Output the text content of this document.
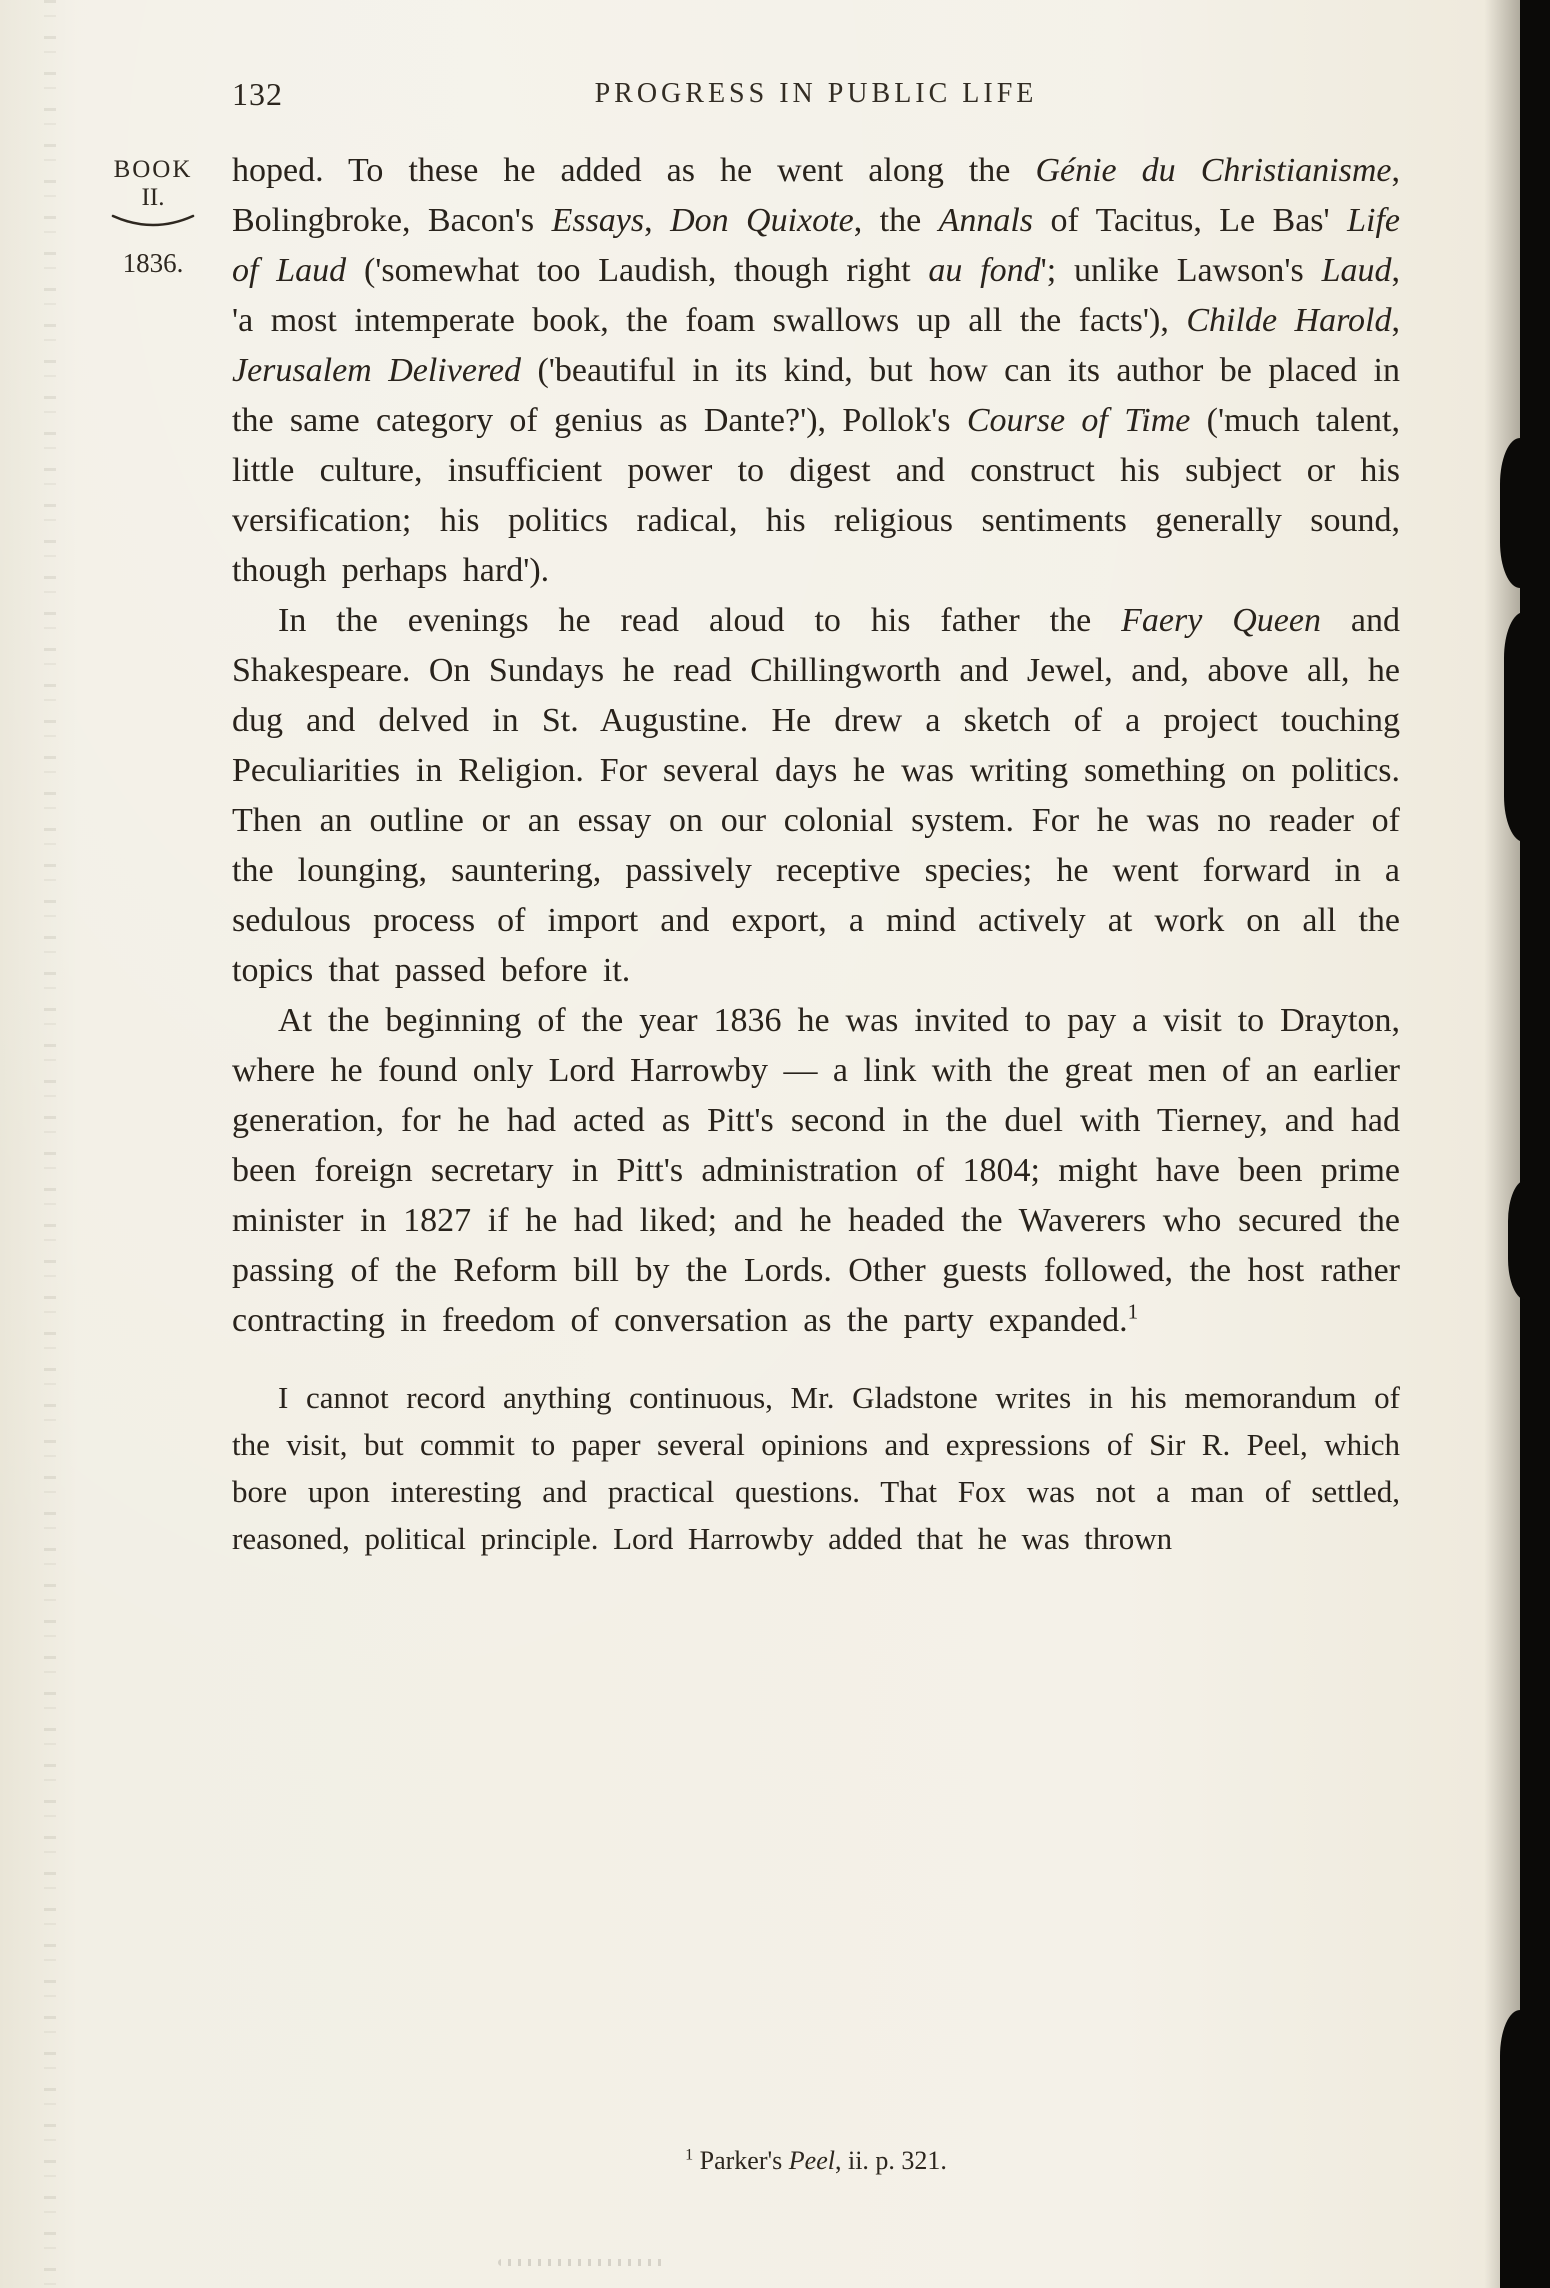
132	PROGRESS IN PUBLIC LIFE
BOOK
II.
1836.

hoped. To these he added as he went along the Génie du Christianisme, Bolingbroke, Bacon's Essays, Don Quixote, the Annals of Tacitus, Le Bas' Life of Laud ('somewhat too Laudish, though right au fond'; unlike Lawson's Laud, 'a most intemperate book, the foam swallows up all the facts'), Childe Harold, Jerusalem Delivered ('beautiful in its kind, but how can its author be placed in the same category of genius as Dante?'), Pollok's Course of Time ('much talent, little culture, insufficient power to digest and construct his subject or his versification; his politics radical, his religious sentiments generally sound, though perhaps hard').

In the evenings he read aloud to his father the Faery Queen and Shakespeare. On Sundays he read Chillingworth and Jewel, and, above all, he dug and delved in St. Augustine. He drew a sketch of a project touching Peculiarities in Religion. For several days he was writing something on politics. Then an outline or an essay on our colonial system. For he was no reader of the lounging, sauntering, passively receptive species; he went forward in a sedulous process of import and export, a mind actively at work on all the topics that passed before it.

At the beginning of the year 1836 he was invited to pay a visit to Drayton, where he found only Lord Harrowby — a link with the great men of an earlier generation, for he had acted as Pitt's second in the duel with Tierney, and had been foreign secretary in Pitt's administration of 1804; might have been prime minister in 1827 if he had liked; and he headed the Waverers who secured the passing of the Reform bill by the Lords. Other guests followed, the host rather contracting in freedom of conversation as the party expanded.$^1$

I cannot record anything continuous, Mr. Gladstone writes in his memorandum of the visit, but commit to paper several opinions and expressions of Sir R. Peel, which bore upon interesting and practical questions. That Fox was not a man of settled, reasoned, political principle. Lord Harrowby added that he was thrown

$^1$ Parker's Peel, ii. p. 321.
